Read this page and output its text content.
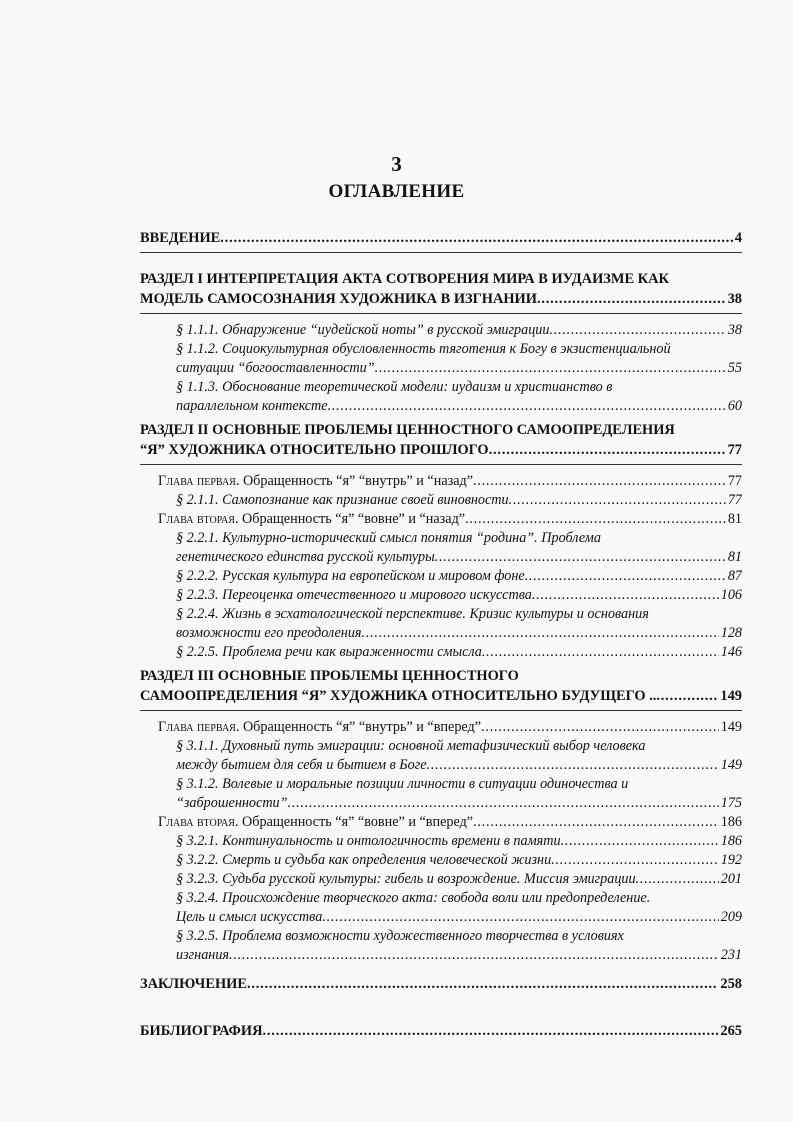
3
ОГЛАВЛЕНИЕ
ВВЕДЕНИЕ . . .	4
РАЗДЕЛ I ИНТЕРПРЕТАЦИЯ АКТА СОТВОРЕНИЯ МИРА В ИУДАИЗМЕ КАК
МОДЕЛЬ САМОСОЗНАНИЯ ХУДОЖНИКА В ИЗГНАНИИ . . .	38
§ 1.1.1. Обнаружение “иудейской ноты” в русской эмиграции . . .	38
§ 1.1.2. Социокультурная обусловленность тяготения к Богу в экзистенциальной
ситуации “богооставленности” . . .	55
§ 1.1.3. Обоснование теоретической модели: иудаизм и христианство в
параллельном контексте . . .	60
РАЗДЕЛ II ОСНОВНЫЕ ПРОБЛЕМЫ ЦЕННОСТНОГО САМООПРЕДЕЛЕНИЯ
“Я” ХУДОЖНИКА ОТНОСИТЕЛЬНО ПРОШЛОГО . . .	77
Глава первая. Обращенность “я” “внутрь” и “назад” . . .	77
§ 2.1.1. Самопознание как признание своей виновности . . .	77
Глава вторая. Обращенность “я” “вовне” и “назад” . . .	81
§ 2.2.1. Культурно-исторический смысл понятия “родина”. Проблема
генетического единства русской культуры . . .	81
§ 2.2.2. Русская культура на европейском и мировом фоне . . .	87
§ 2.2.3. Переоценка отечественного и мирового искусства . . .	106
§ 2.2.4. Жизнь в эсхатологической перспективе. Кризис культуры и основания
возможности его преодоления . . .	128
§ 2.2.5. Проблема речи как выраженности смысла . . .	146
РАЗДЕЛ III ОСНОВНЫЕ ПРОБЛЕМЫ ЦЕННОСТНОГО
САМООПРЕДЕЛЕНИЯ “Я” ХУДОЖНИКА ОТНОСИТЕЛЬНО БУДУЩЕГО .. . . .	149
Глава первая. Обращенность “я” “внутрь” и “вперед” . . .	149
§ 3.1.1. Духовный путь эмиграции: основной метафизический выбор человека
между бытием для себя и бытием в Боге . . .	149
§ 3.1.2. Волевые и моральные позиции личности в ситуации одиночества и
“заброшенности” . . .	175
Глава вторая. Обращенность “я” “вовне” и “вперед” . . .	186
§ 3.2.1. Континуальность и онтологичность времени в памяти . . .	186
§ 3.2.2. Смерть и судьба как определения человеческой жизни . . .	192
§ 3.2.3. Судьба русской культуры: гибель и возрождение. Миссия эмиграции . . .	201
§ 3.2.4. Происхождение творческого акта: свобода воли или предопределение.
Цель и смысл искусства . . .	209
§ 3.2.5. Проблема возможности художественного творчества в условиях
изгнания . . .	231
ЗАКЛЮЧЕНИЕ . . .	258
БИБЛИОГРАФИЯ . . .	265
